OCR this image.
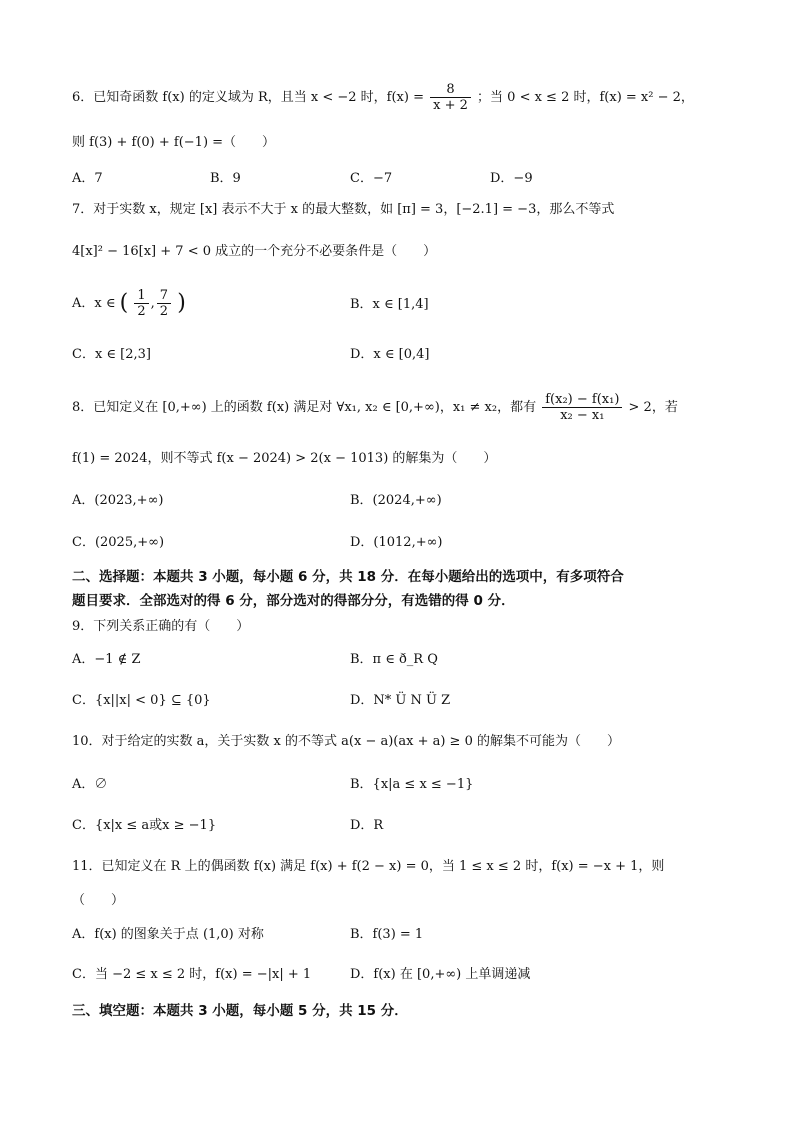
6．已知奇函数 f(x) 的定义域为 R，且当 x < −2 时，$f(x) = \frac{8}{x + 2}$ ；当 0 < x ≤ 2 时，f(x) = x² − 2，
则 f(3) + f(0) + f(−1) =（　　）
A．7	B．9	C．−7	D．−9
7．对于实数 x，规定 [x] 表示不大于 x 的最大整数，如 [π] = 3，[−2.1] = −3，那么不等式
4[x]² − 16[x] + 7 < 0 成立的一个充分不必要条件是（　　）
A．x ∈ ( $\frac{1}{2}$ , $\frac{7}{2}$ )	B．x ∈ [1,4]
C．x ∈ [2,3]	D．x ∈ [0,4]
8．已知定义在 [0,+∞) 上的函数 f(x) 满足对 ∀x₁, x₂ ∈ [0,+∞)，x₁ ≠ x₂，都有 $\frac{\text{f(x₂) − f(x₁)}}{\text{x₂ − x₁}} > 2$，若
f(1) = 2024，则不等式 f(x − 2024) > 2(x − 1013) 的解集为（　　）
A．(2023,+∞)	B．(2024,+∞)
C．(2025,+∞)	D．(1012,+∞)
二、选择题：本题共 3 小题，每小题 6 分，共 18 分．在每小题给出的选项中，有多项符合
题目要求．全部选对的得 6 分，部分选对的得部分分，有选错的得 0 分．
9．下列关系正确的有（　　）
A．−1 ∉ Z	B．π ∈ ð_R Q
C．{x||x| < 0} ⊆ {0}	D．N* Ü N Ü Z
10．对于给定的实数 a，关于实数 x 的不等式 a(x − a)(ax + a) ≥ 0 的解集不可能为（　　）
A．∅	B．{x|a ≤ x ≤ −1}
C．{x|x ≤ a或x ≥ −1}	D．R
11．已知定义在 R 上的偶函数 f(x) 满足 f(x) + f(2 − x) = 0，当 1 ≤ x ≤ 2 时，f(x) = −x + 1，则
（　　）
A．f(x) 的图象关于点 (1,0) 对称	B．f(3) = 1
C．当 −2 ≤ x ≤ 2 时，f(x) = −|x| + 1	D．f(x) 在 [0,+∞) 上单调递减
三、填空题：本题共 3 小题，每小题 5 分，共 15 分．
